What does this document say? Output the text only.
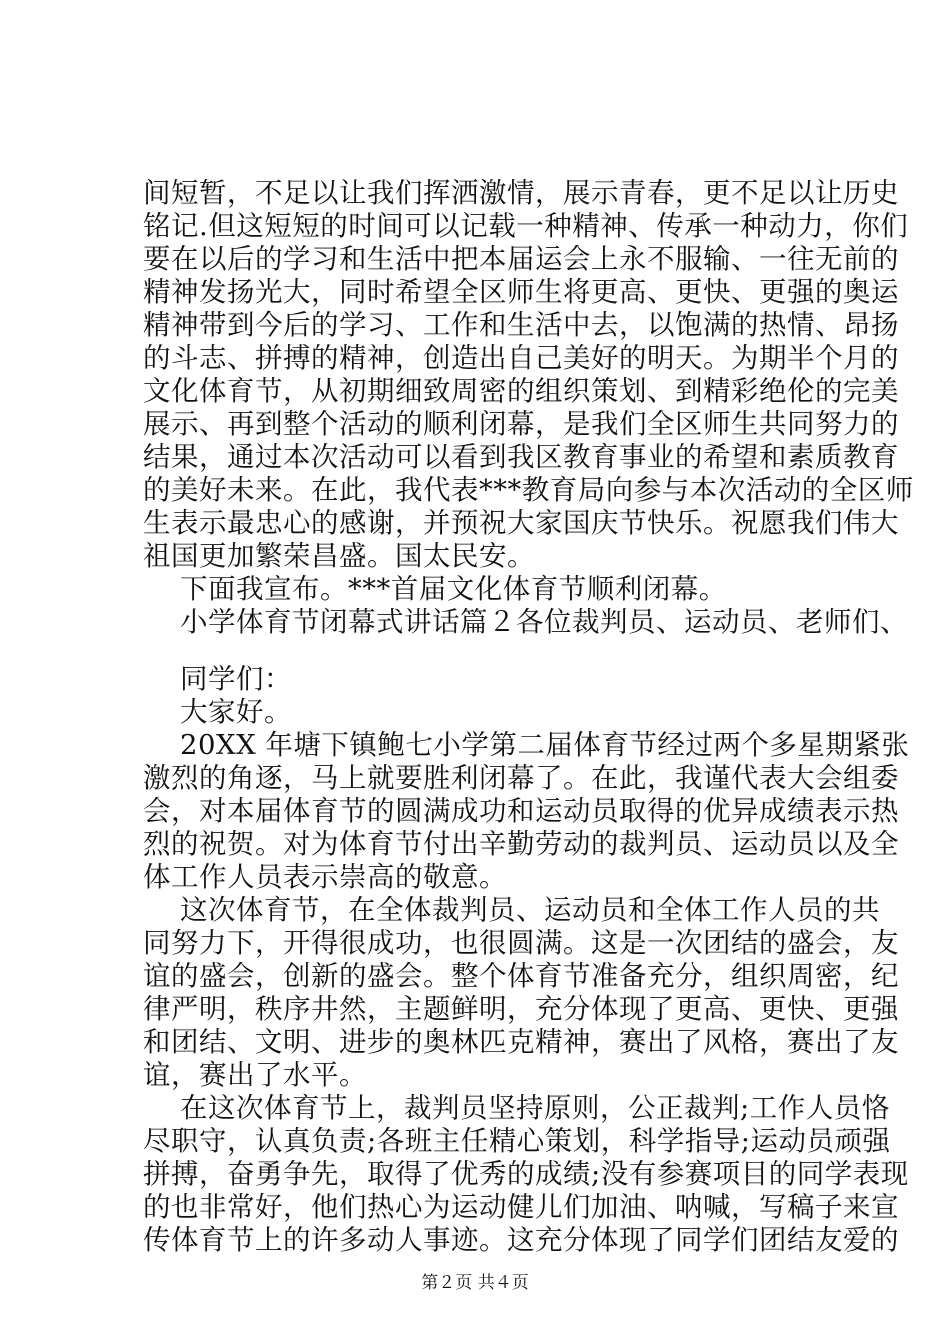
间短暂，不足以让我们挥洒激情，展示青春，更不足以让历史
铭记.但这短短的时间可以记载一种精神、传承一种动力，你们
要在以后的学习和生活中把本届运会上永不服输、一往无前的
精神发扬光大，同时希望全区师生将更高、更快、更强的奥运
精神带到今后的学习、工作和生活中去，以饱满的热情、昂扬
的斗志、拼搏的精神，创造出自己美好的明天。为期半个月的
文化体育节，从初期细致周密的组织策划、到精彩绝伦的完美
展示、再到整个活动的顺利闭幕，是我们全区师生共同努力的
结果，通过本次活动可以看到我区教育事业的希望和素质教育
的美好未来。在此，我代表***教育局向参与本次活动的全区师
生表示最忠心的感谢，并预祝大家国庆节快乐。祝愿我们伟大
祖国更加繁荣昌盛。国太民安。
下面我宣布。***首届文化体育节顺利闭幕。
小学体育节闭幕式讲话篇２各位裁判员、运动员、老师们、
同学们：
大家好。
20XX 年塘下镇鲍七小学第二届体育节经过两个多星期紧张
激烈的角逐，马上就要胜利闭幕了。在此，我谨代表大会组委
会，对本届体育节的圆满成功和运动员取得的优异成绩表示热
烈的祝贺。对为体育节付出辛勤劳动的裁判员、运动员以及全
体工作人员表示崇高的敬意。
这次体育节，在全体裁判员、运动员和全体工作人员的共
同努力下，开得很成功，也很圆满。这是一次团结的盛会，友
谊的盛会，创新的盛会。整个体育节准备充分，组织周密，纪
律严明，秩序井然，主题鲜明，充分体现了更高、更快、更强
和团结、文明、进步的奥林匹克精神，赛出了风格，赛出了友
谊，赛出了水平。
在这次体育节上，裁判员坚持原则，公正裁判;工作人员恪
尽职守，认真负责;各班主任精心策划，科学指导;运动员顽强
拼搏，奋勇争先，取得了优秀的成绩;没有参赛项目的同学表现
的也非常好，他们热心为运动健儿们加油、呐喊，写稿子来宣
传体育节上的许多动人事迹。这充分体现了同学们团结友爱的
第２页 共４页
